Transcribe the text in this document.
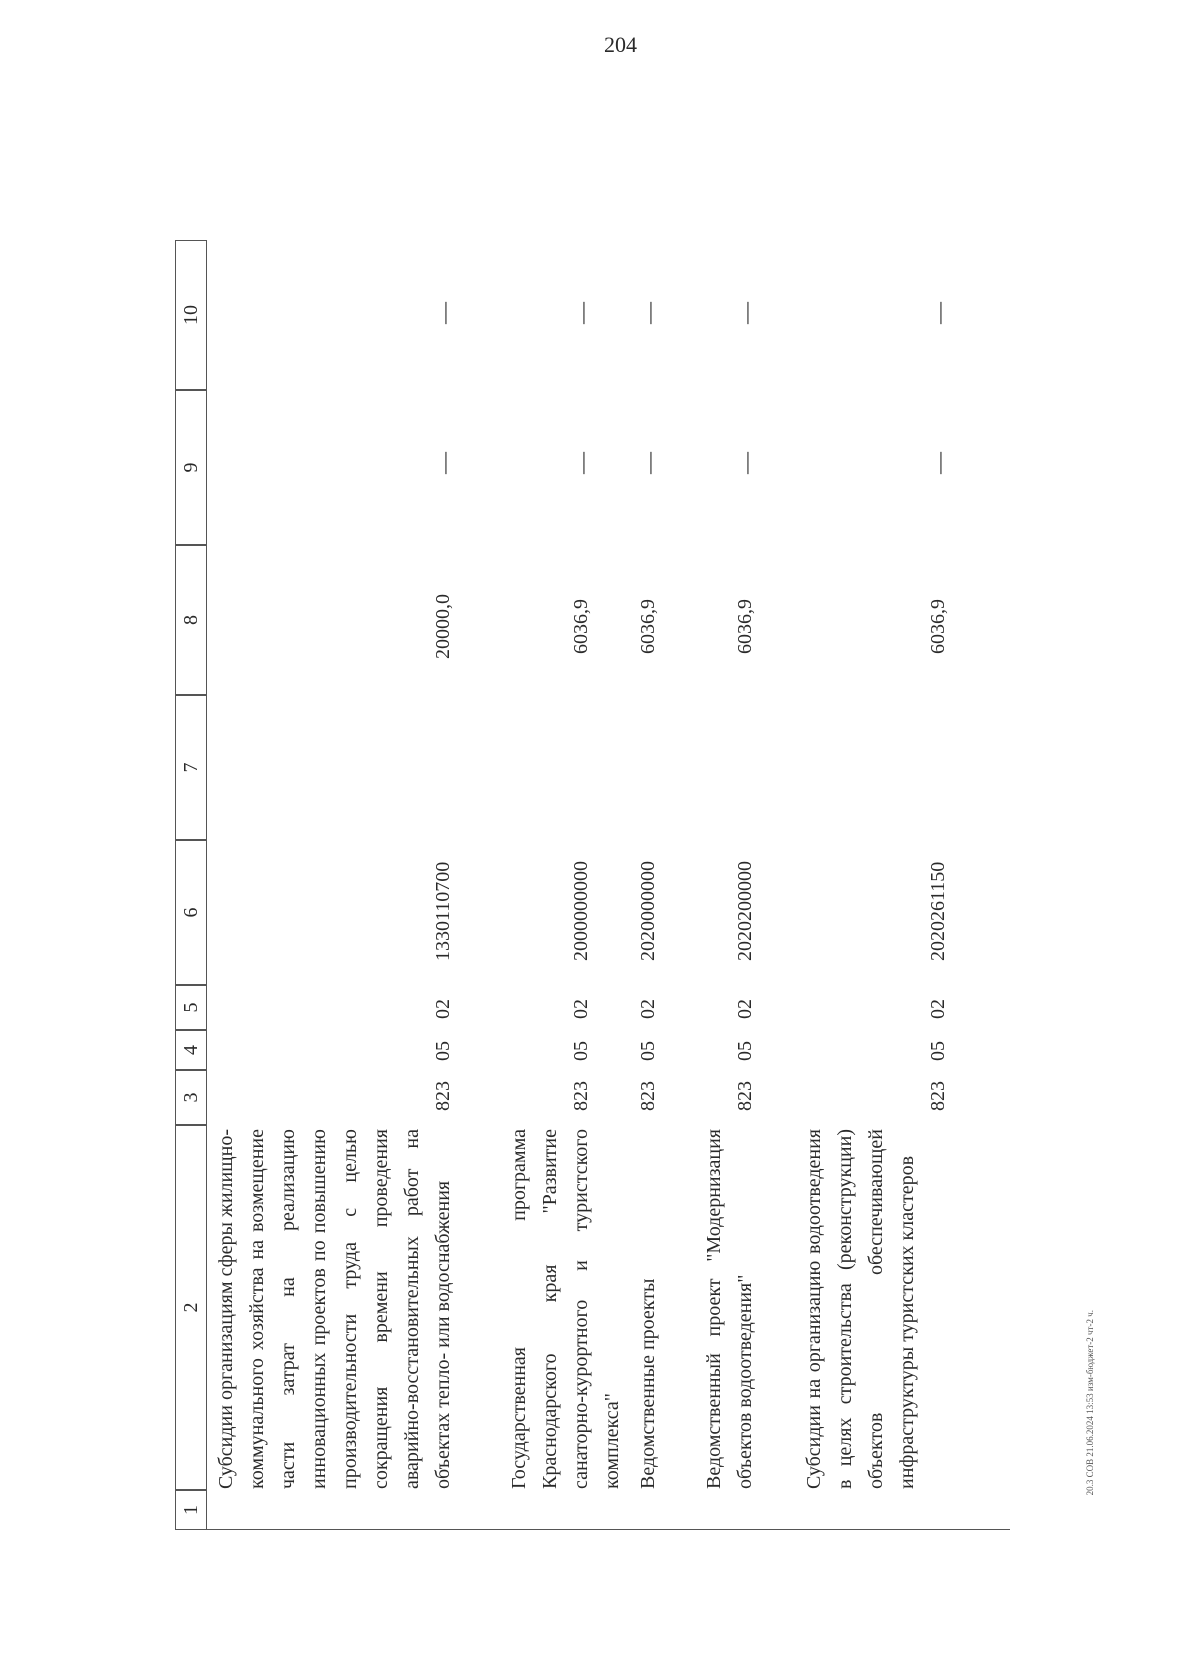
204
20.3 СОВ 21.06.2024 13:53 изм-бюджет-2 чт-2 ч.
1
2
3
4
5
6
7
8
9
10
Субсидии организациям сферы жилищно-коммунального хозяйства на возмещение части затрат на реализацию инновационных проектов по повышению производительности труда с целью сокращения времени проведения аварийно-восстановительных работ на объектах тепло- или водоснабжения
823
05
02
1330110700
20000,0
—
—
Государственная программа Краснодарского края "Развитие санаторно-курортного и туристского комплекса"
823
05
02
2000000000
6036,9
—
—
Ведомственные проекты
823
05
02
2020000000
6036,9
—
—
Ведомственный проект "Модернизация объектов водоотведения"
823
05
02
2020200000
6036,9
—
—
Субсидии на организацию водоотведения в целях строительства (реконструкции) объектов обеспечивающей инфраструктуры туристских кластеров
823
05
02
2020261150
6036,9
—
—
